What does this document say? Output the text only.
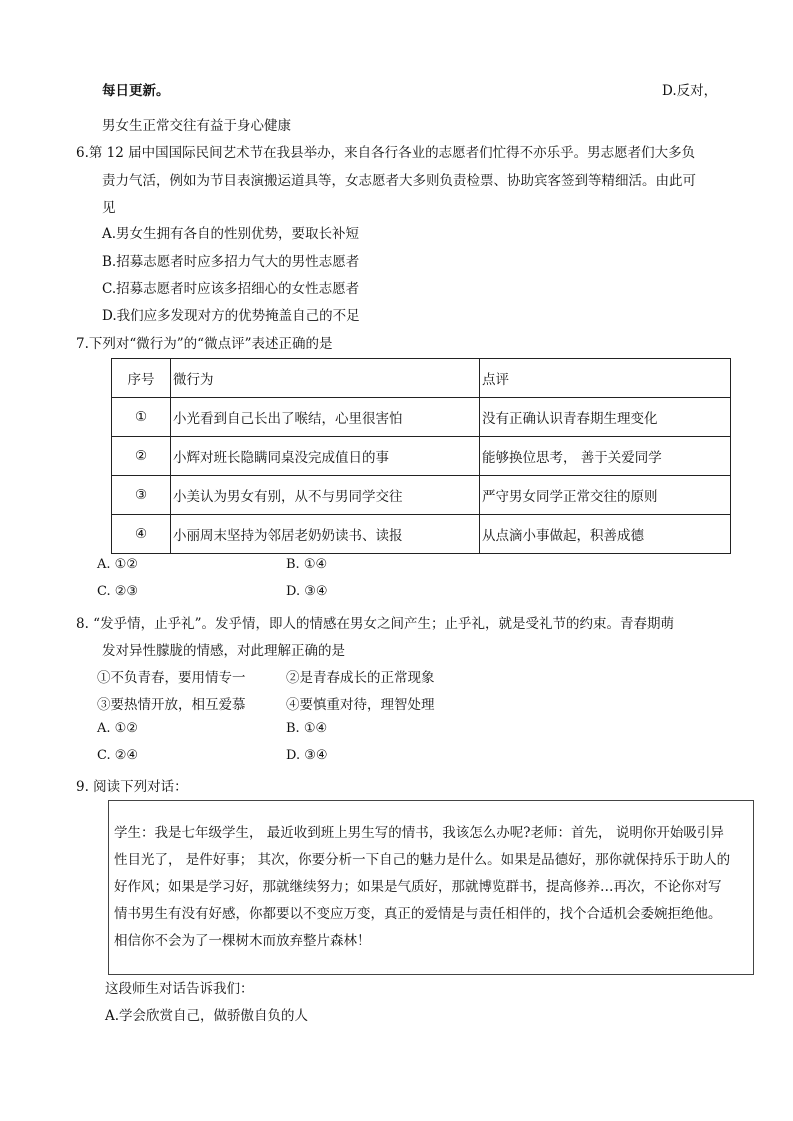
每日更新。	D.反对，
男女生正常交往有益于身心健康
6.第 12 届中国国际民间艺术节在我县举办，来自各行各业的志愿者们忙得不亦乐乎。男志愿者们大多负
责力气活，例如为节目表演搬运道具等，女志愿者大多则负责检票、协助宾客签到等精细活。由此可
见
A.男女生拥有各自的性别优势，要取长补短
B.招募志愿者时应多招力气大的男性志愿者
C.招募志愿者时应该多招细心的女性志愿者
D.我们应多发现对方的优势掩盖自己的不足
7.下列对“微行为”的“微点评”表述正确的是
序号	微行为	点评
①	小光看到自己长出了喉结，心里很害怕	没有正确认识青春期生理变化
②	小辉对班长隐瞒同桌没完成值日的事	能够换位思考， 善于关爱同学
③	小美认为男女有别，从不与男同学交往	严守男女同学正常交往的原则
④	小丽周末坚持为邻居老奶奶读书、读报	从点滴小事做起，积善成德
A. ①②	B. ①④
C. ②③	D. ③④
8. “发乎情，止乎礼”。发乎情，即人的情感在男女之间产生；止乎礼，就是受礼节的约束。青春期萌
发对异性朦胧的情感，对此理解正确的是
①不负青春，要用情专一	②是青春成长的正常现象
③要热情开放，相互爱慕	④要慎重对待，理智处理
A. ①②	B. ①④
C. ②④	D. ③④
9. 阅读下列对话：
学生：我是七年级学生， 最近收到班上男生写的情书，我该怎么办呢?老师：首先， 说明你开始吸引异
性目光了， 是件好事； 其次，你要分析一下自己的魅力是什么。如果是品德好，那你就保持乐于助人的
好作风；如果是学习好，那就继续努力；如果是气质好，那就博览群书，提高修养…再次，不论你对写
情书男生有没有好感，你都要以不变应万变，真正的爱情是与责任相伴的，找个合适机会委婉拒绝他。
相信你不会为了一棵树木而放弃整片森林！
这段师生对话告诉我们：
A.学会欣赏自己，做骄傲自负的人
